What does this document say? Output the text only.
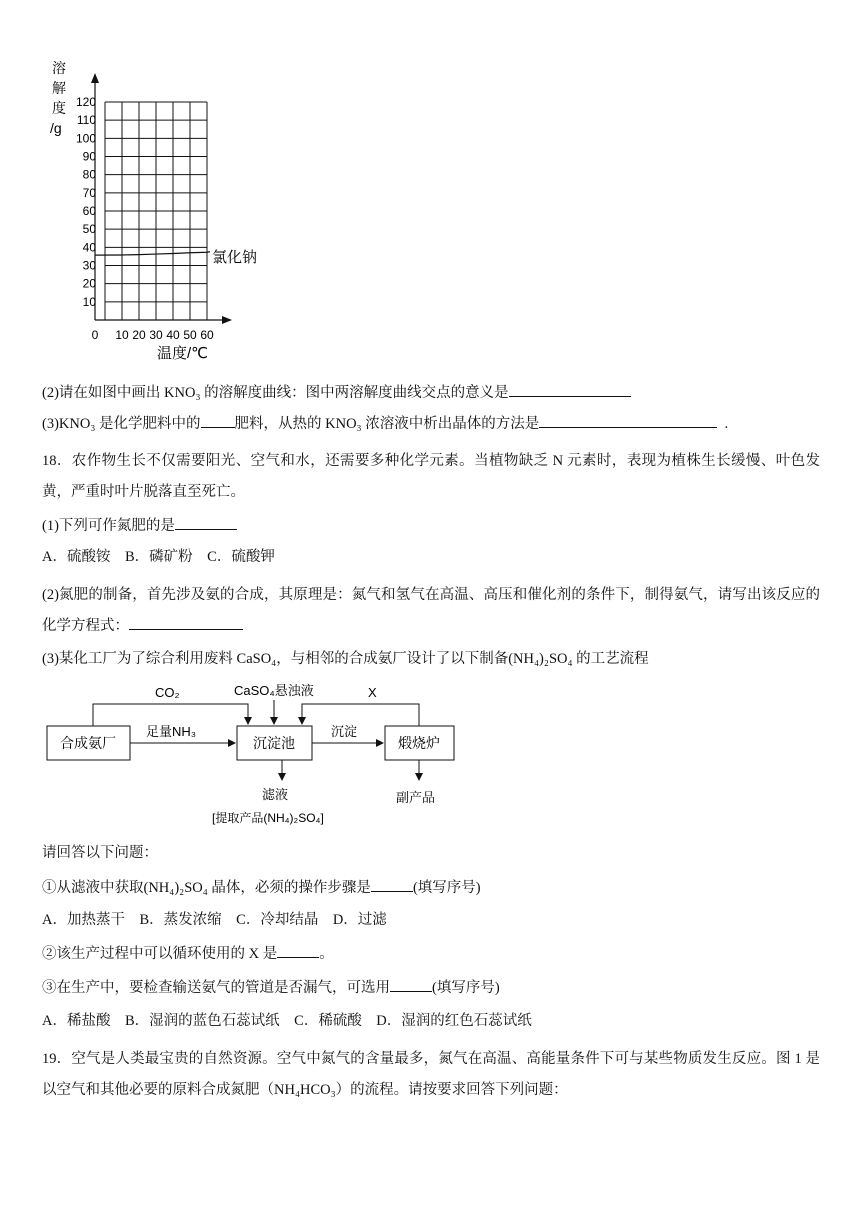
溶
解
度
/g
120
110
100
90
80
70
60
50
40
30
20
10
0 10 20 30 40 50 60
氯化钠
温度/℃
(2)请在如图中画出 KNO₃ 的溶解度曲线：图中两溶解度曲线交点的意义是
(3)KNO₃ 是化学肥料中的 肥料，从热的 KNO₃ 浓溶液中析出晶体的方法是	.
18．农作物生长不仅需要阳光、空气和水，还需要多种化学元素。当植物缺乏 N 元素时，表现为植株生长缓慢、叶色发黄，严重时叶片脱落直至死亡。
(1)下列可作氮肥的是
A．硫酸铵　B．磷矿粉　C．硫酸钾
(2)氮肥的制备，首先涉及氨的合成，其原理是：氮气和氢气在高温、高压和催化剂的条件下，制得氨气，请写出该反应的化学方程式：
(3)某化工厂为了综合利用废料 CaSO₄，与相邻的合成氨厂设计了以下制备(NH₄)₂SO₄ 的工艺流程
合成氨厂	沉淀池	煅烧炉
CO₂	CaSO₄悬浊液	X
足量NH₃	沉淀
滤液
[提取产品(NH₄)₂SO₄]
副产品
请回答以下问题：
①从滤液中获取(NH₄)₂SO₄ 晶体，必须的操作步骤是	(填写序号)
A．加热蒸干　B．蒸发浓缩　C．冷却结晶　D．过滤
②该生产过程中可以循环使用的 X 是	。
③在生产中，要检查输送氨气的管道是否漏气，可选用	(填写序号)
A．稀盐酸　B．湿润的蓝色石蕊试纸　C．稀硫酸　D．湿润的红色石蕊试纸
19．空气是人类最宝贵的自然资源。空气中氮气的含量最多，氮气在高温、高能量条件下可与某些物质发生反应。图 1 是以空气和其他必要的原料合成氮肥（NH₄HCO₃）的流程。请按要求回答下列问题：
